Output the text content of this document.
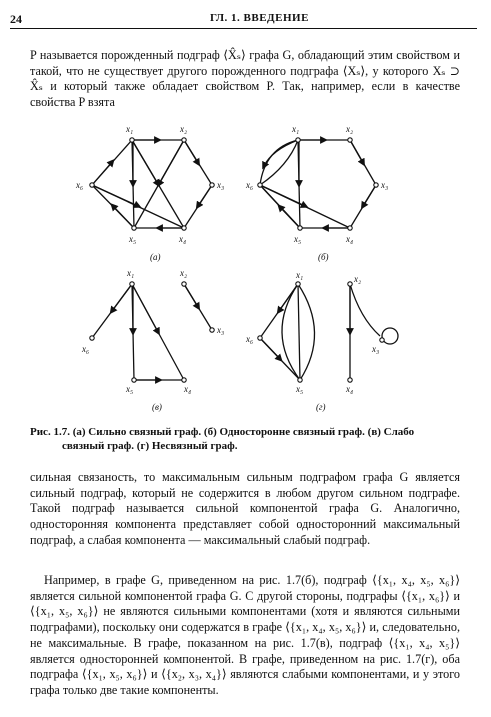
24	ГЛ. 1. ВВЕДЕНИЕ
P называется порожденный подграф ⟨X̂ₛ⟩ графа G, обладающий этим свойством и такой, что не существует другого порожденного подграфа ⟨Xₛ⟩, у которого Xₛ ⊃ X̂ₛ и который также обладает свойством P. Так, например, если в качестве свойства P взята
x₁	x₂
x₃
x₄
x₅
x₆
(а)
x₁	x₂
x₃
x₄
x₅
x₆
(б)
x₁	x₂
x₃
x₄
x₅
x₆
(в)
x₁	x₂
x₃
x₄
x₅
x₆
(г)
Рис. 1.7. (а) Сильно связный граф. (б) Односторонне связный граф. (в) Слабо
связный граф. (г) Несвязный граф.
сильная связаность, то максимальным сильным подграфом графа G является сильный подграф, который не содержится в любом другом сильном подграфе. Такой подграф называется сильной компонентой графа G. Аналогично, односторонняя компонента представляет собой односторонний максимальный подграф, а слабая компонента — максимальный слабый подграф.
Например, в графе G, приведенном на рис. 1.7(б), подграф ⟨{x₁, x₄, x₅, x₆}⟩ является сильной компонентой графа G. С другой стороны, подграфы ⟨{x₁, x₆}⟩ и ⟨{x₁, x₅, x₆}⟩ не являются сильными компонентами (хотя и являются сильными подграфами), поскольку они содержатся в графе ⟨{x₁, x₄, x₅, x₆}⟩ и, следовательно, не максимальные. В графе, показанном на рис. 1.7(в), подграф ⟨{x₁, x₄, x₅}⟩ является односторонней компонентой. В графе, приведенном на рис. 1.7(г), оба подграфа ⟨{x₁, x₅, x₆}⟩ и ⟨{x₂, x₃, x₄}⟩ являются слабыми компонентами, и у этого графа только две такие компоненты.
